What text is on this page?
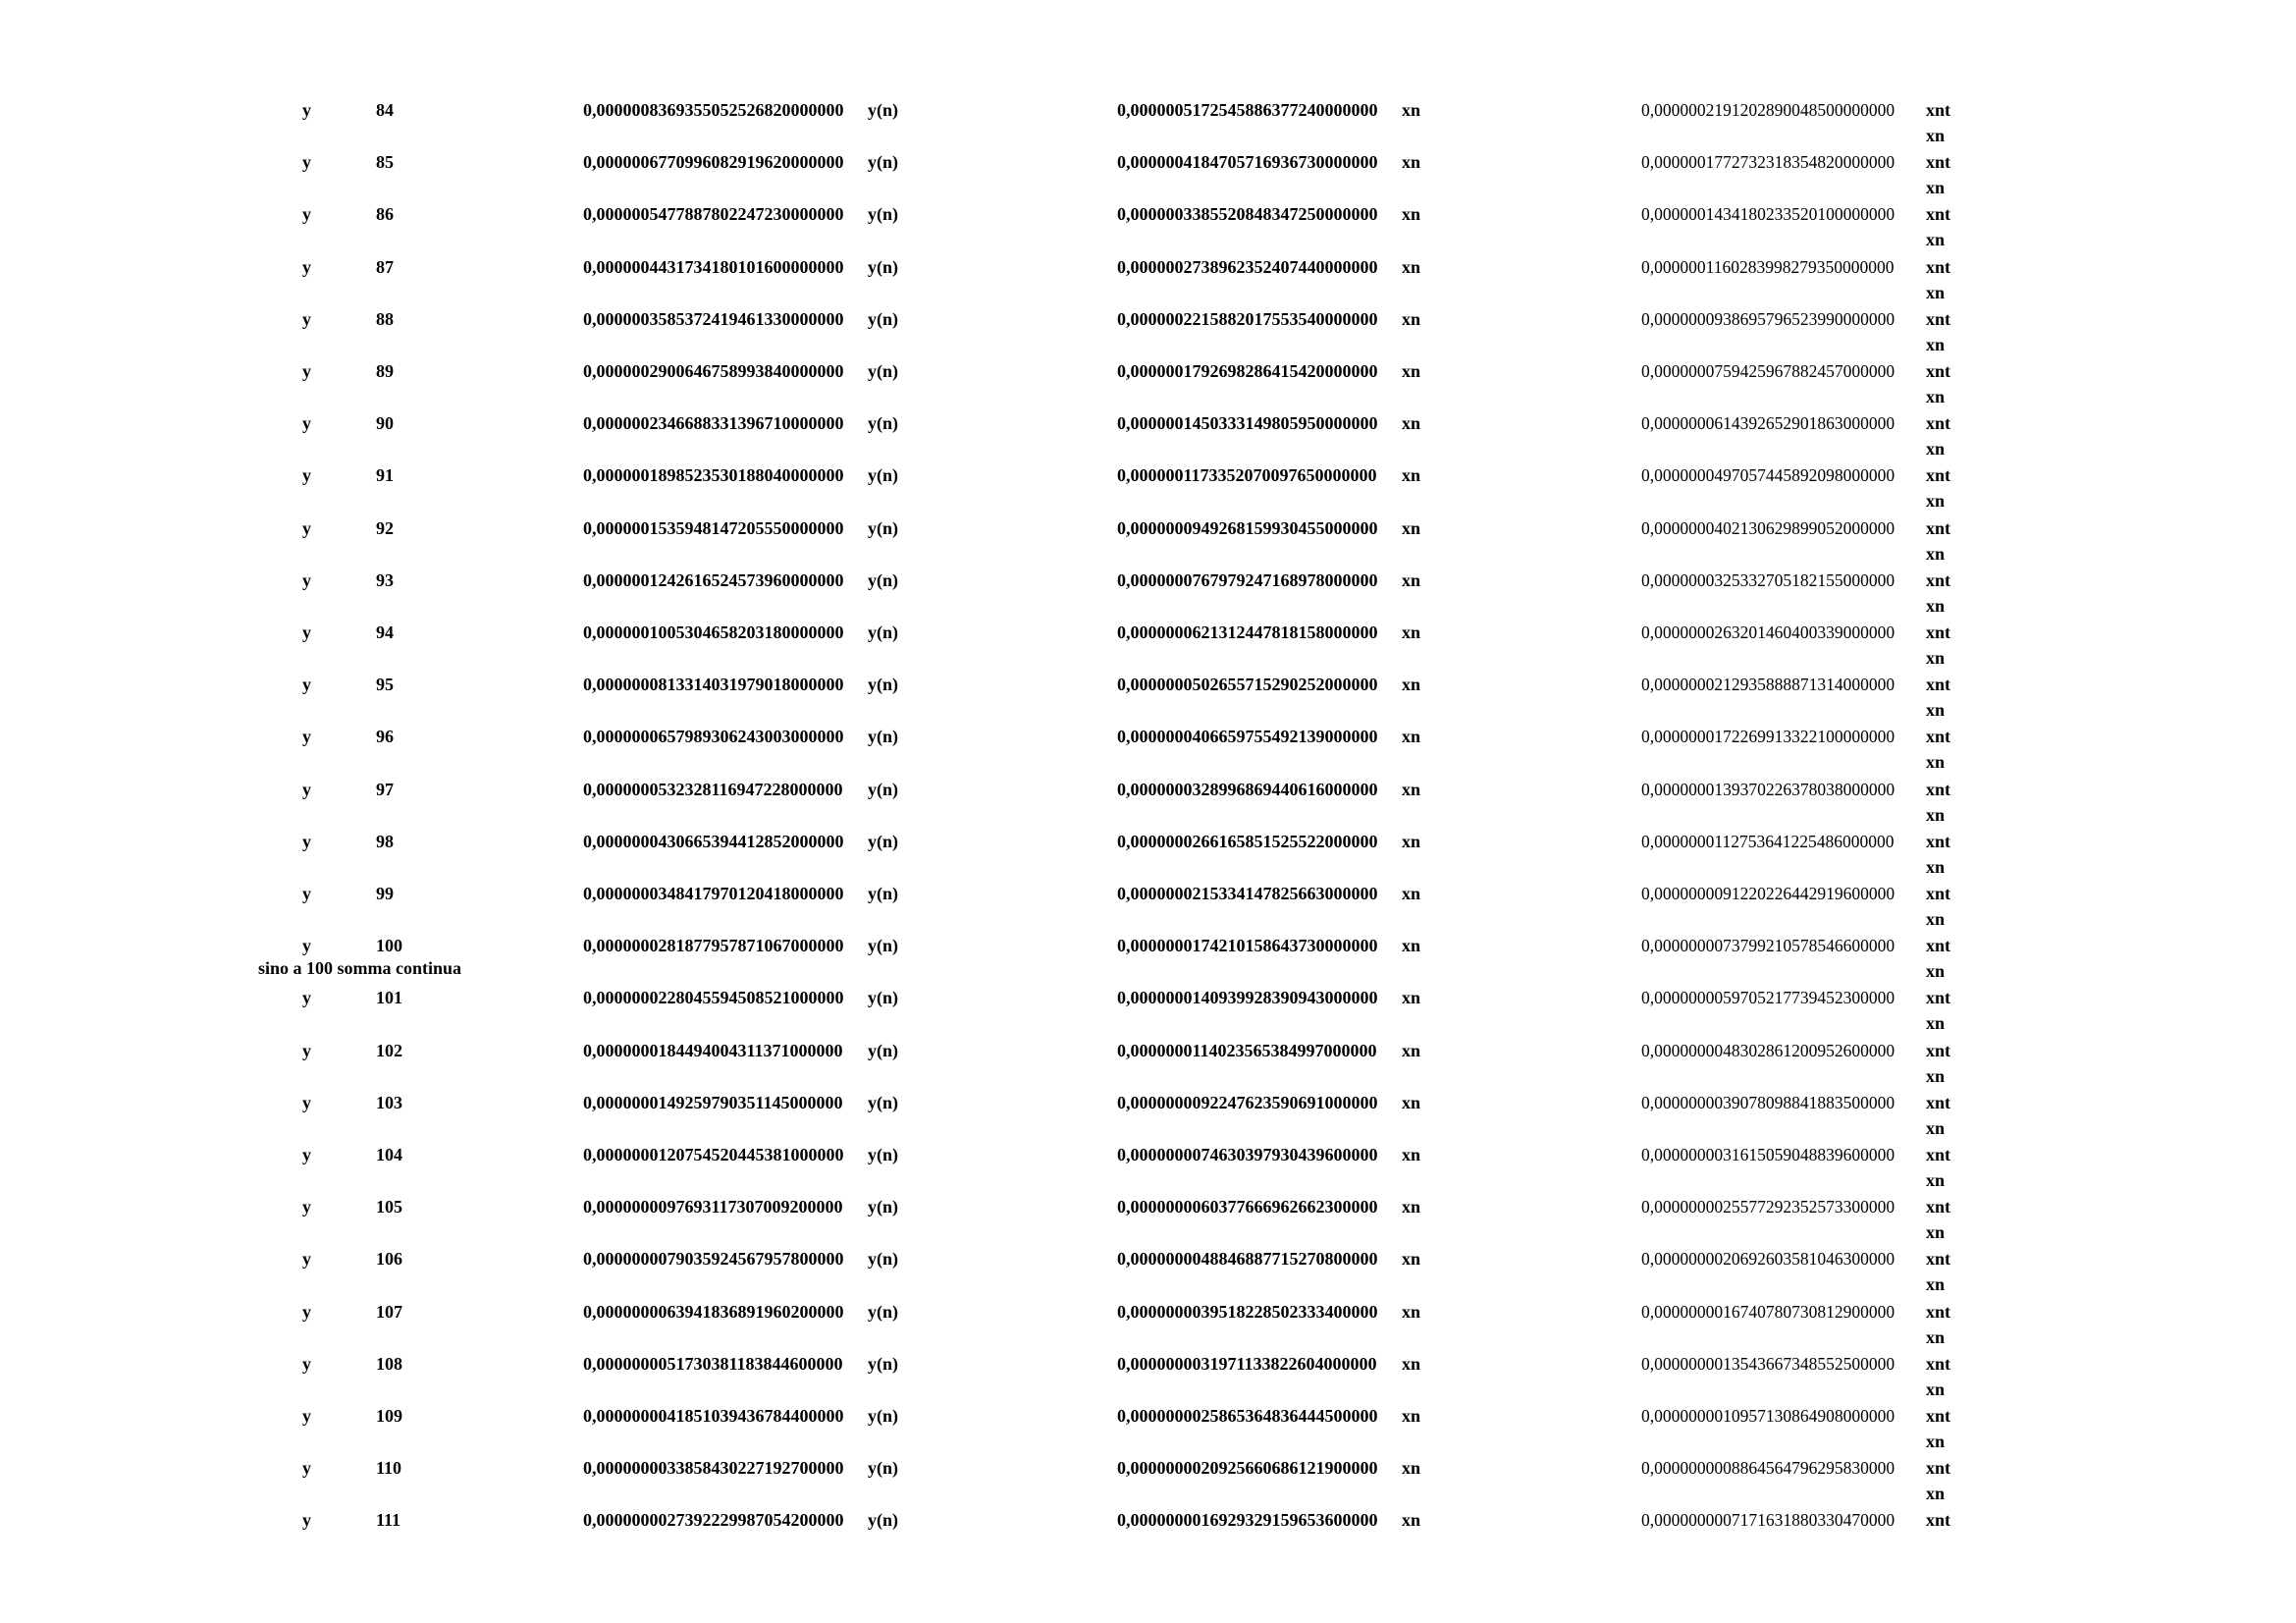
y	84	0,0000008369355052526820000000 y(n)	0,0000005172545886377240000000 xn	0,0000002191202890048500000000 xnt
xn
y	85	0,0000006770996082919620000000 y(n)	0,0000004184705716936730000000 xn	0,0000001772732318354820000000 xnt
xn
y	86	0,0000005477887802247230000000 y(n)	0,0000003385520848347250000000 xn	0,0000001434180233520100000000 xnt
xn
y	87	0,0000004431734180101600000000 y(n)	0,0000002738962352407440000000 xn	0,0000001160283998279350000000 xnt
xn
y	88	0,0000003585372419461330000000 y(n)	0,0000002215882017553540000000 xn	0,0000000938695796523990000000 xnt
xn
y	89	0,0000002900646758993840000000 y(n)	0,0000001792698286415420000000 xn	0,0000000759425967882457000000 xnt
xn
y	90	0,0000002346688331396710000000 y(n)	0,0000001450333149805950000000 xn	0,0000000614392652901863000000 xnt
xn
y	91	0,0000001898523530188040000000 y(n)	0,0000001173352070097650000000 xn	0,0000000497057445892098000000 xnt
xn
y	92	0,0000001535948147205550000000 y(n)	0,0000000949268159930455000000 xn	0,0000000402130629899052000000 xnt
xn
y	93	0,0000001242616524573960000000 y(n)	0,0000000767979247168978000000 xn	0,0000000325332705182155000000 xnt
xn
y	94	0,0000001005304658203180000000 y(n)	0,0000000621312447818158000000 xn	0,0000000263201460400339000000 xnt
xn
y	95	0,0000000813314031979018000000 y(n)	0,0000000502655715290252000000 xn	0,0000000212935888871314000000 xnt
xn
y	96	0,0000000657989306243003000000 y(n)	0,0000000406659755492139000000 xn	0,0000000172269913322100000000 xnt
xn
y	97	0,0000000532328116947228000000 y(n)	0,0000000328996869440616000000 xn	0,0000000139370226378038000000 xnt
xn
y	98	0,0000000430665394412852000000 y(n)	0,0000000266165851525522000000 xn	0,0000000112753641225486000000 xnt
xn
y	99	0,0000000348417970120418000000 y(n)	0,0000000215334147825663000000 xn	0,0000000091220226442919600000 xnt
xn
y	100	0,0000000281877957871067000000 y(n)	0,0000000174210158643730000000 xn	0,0000000073799210578546600000 xnt
xn
y	101	0,0000000228045594508521000000 y(n)	0,0000000140939928390943000000 xn	0,0000000059705217739452300000 xnt
xn
y	102	0,0000000184494004311371000000 y(n)	0,0000000114023565384997000000 xn	0,0000000048302861200952600000 xnt
xn
y	103	0,0000000149259790351145000000 y(n)	0,0000000092247623590691000000 xn	0,0000000039078098841883500000 xnt
xn
y	104	0,0000000120754520445381000000 y(n)	0,0000000074630397930439600000 xn	0,0000000031615059048839600000 xnt
xn
y	105	0,0000000097693117307009200000 y(n)	0,0000000060377666962662300000 xn	0,0000000025577292352573300000 xnt
xn
y	106	0,0000000079035924567957800000 y(n)	0,0000000048846887715270800000 xn	0,0000000020692603581046300000 xnt
xn
y	107	0,0000000063941836891960200000 y(n)	0,0000000039518228502333400000 xn	0,0000000016740780730812900000 xnt
xn
y	108	0,0000000051730381183844600000 y(n)	0,0000000031971133822604000000 xn	0,0000000013543667348552500000 xnt
xn
y	109	0,0000000041851039436784400000 y(n)	0,0000000025865364836444500000 xn	0,0000000010957130864908000000 xnt
xn
y	110	0,0000000033858430227192700000 y(n)	0,0000000020925660686121900000 xn	0,0000000008864564796295830000 xnt
xn
y	111	0,0000000027392229987054200000 y(n)	0,0000000016929329159653600000 xn	0,0000000007171631880330470000 xnt
sino a 100 somma continua
